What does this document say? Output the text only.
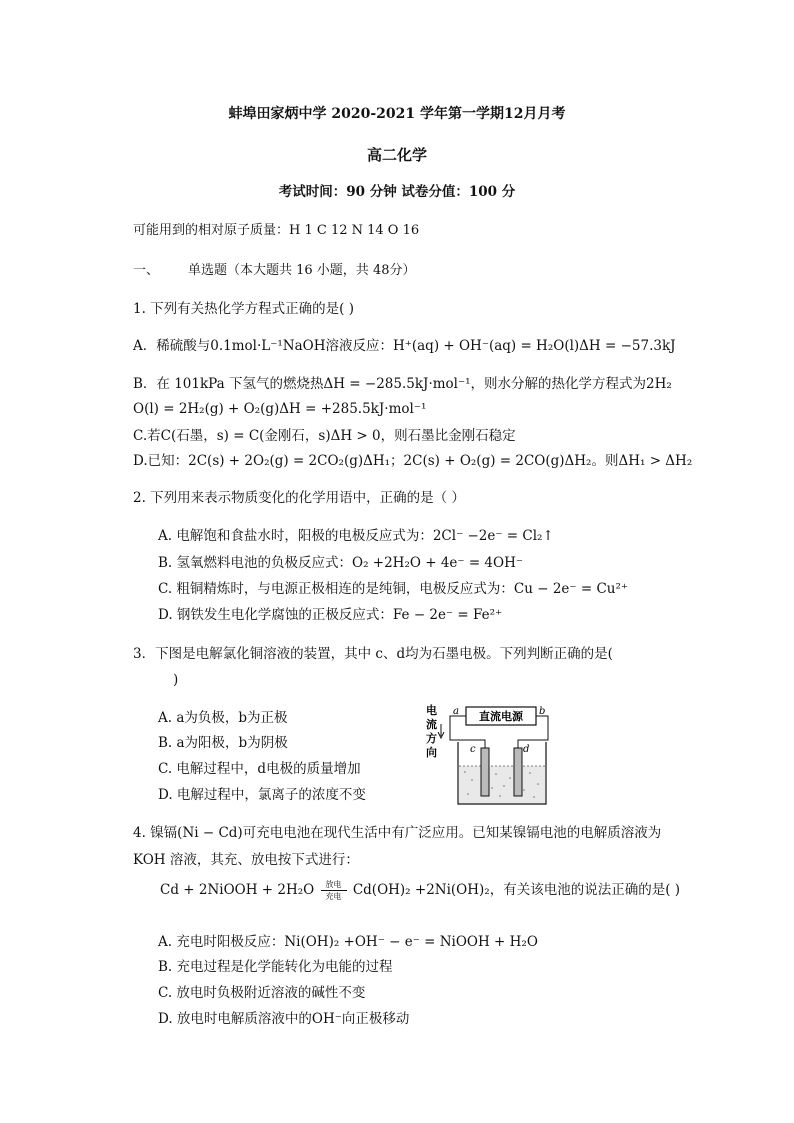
蚌埠田家炳中学 2020-2021 学年第一学期12月月考
高二化学
考试时间：90 分钟 试卷分值：100 分
可能用到的相对原子质量：H 1 C 12 N 14 O 16
一、 单选题（本大题共 16 小题，共 48分）
1. 下列有关热化学方程式正确的是( )
A．稀硫酸与0.1mol·L⁻¹NaOH溶液反应：H⁺(aq) + OH⁻(aq) = H₂O(l)ΔH = −57.3kJ
B．在 101kPa 下氢气的燃烧热ΔH = −285.5kJ·mol⁻¹，则水分解的热化学方程式为2H₂
O(l) = 2H₂(g) + O₂(g)ΔH = +285.5kJ·mol⁻¹
C.若C(石墨，s) = C(金刚石，s)ΔH > 0，则石墨比金刚石稳定
D.已知：2C(s) + 2O₂(g) = 2CO₂(g)ΔH₁；2C(s) + O₂(g) = 2CO(g)ΔH₂。则ΔH₁ > ΔH₂
2. 下列用来表示物质变化的化学用语中，正确的是（ ）
A. 电解饱和食盐水时，阳极的电极反应式为：2Cl⁻ −2e⁻ = Cl₂↑
B. 氢氧燃料电池的负极反应式：O₂ +2H₂O + 4e⁻ = 4OH⁻
C. 粗铜精炼时，与电源正极相连的是纯铜，电极反应式为：Cu − 2e⁻ = Cu²⁺
D. 钢铁发生电化学腐蚀的正极反应式：Fe − 2e⁻ = Fe²⁺
3．下图是电解氯化铜溶液的装置，其中 c、d均为石墨电极。下列判断正确的是(
)
A. a为负极，b为正极
B. a为阳极，b为阴极
C. 电解过程中，d电极的质量增加
D. 电解过程中，氯离子的浓度不变
电
流
方
向
直流电源
a	b
c	d
4. 镍镉(Ni − Cd)可充电电池在现代生活中有广泛应用。已知某镍镉电池的电解质溶液为
KOH 溶液，其充、放电按下式进行：
Cd + 2NiOOH + $2H_2O \frac{\text{放电}}{\text{充电}} Cd(OH)_2 +2Ni(OH)_2$，有关该电池的说法正确的是( )
A. 充电时阳极反应：Ni(OH)₂ +OH⁻ − e⁻ = NiOOH + H₂O
B. 充电过程是化学能转化为电能的过程
C. 放电时负极附近溶液的碱性不变
D. 放电时电解质溶液中的OH⁻向正极移动
